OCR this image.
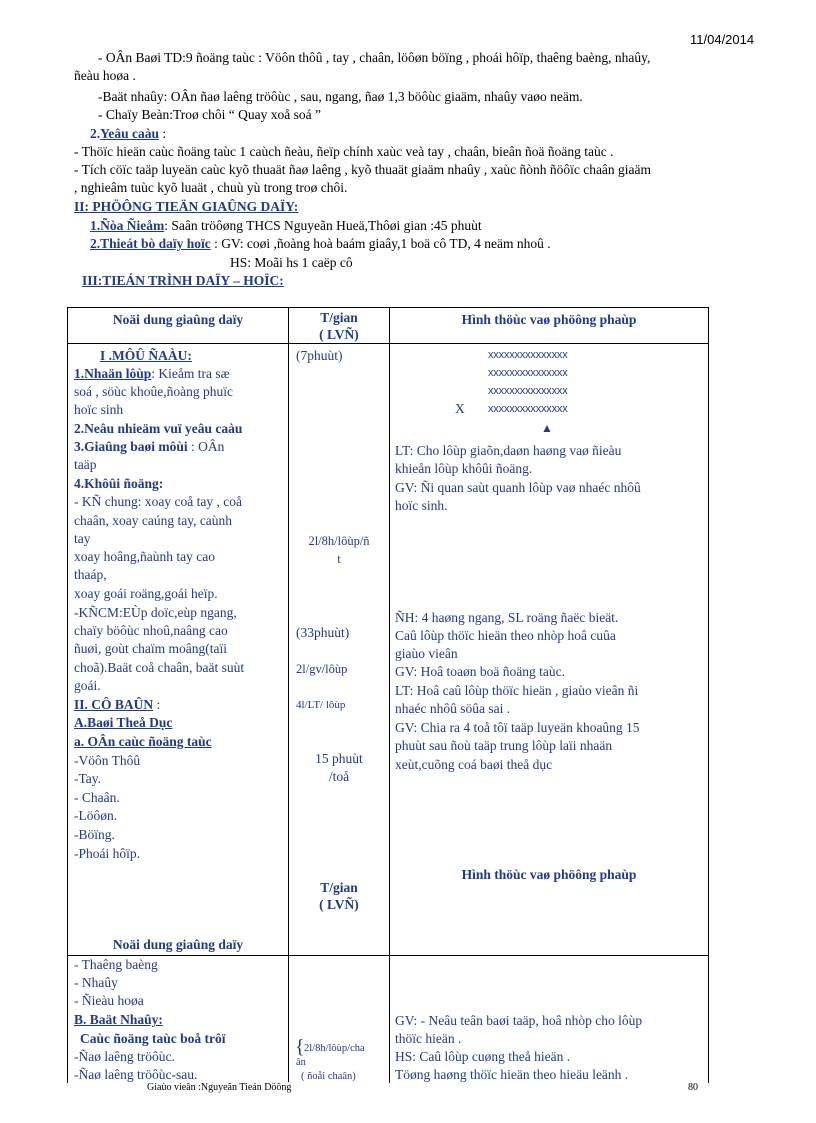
11/04/2014
- OÂn Baøi TD:9 ñoäng taùc : Vöôn thôû , tay , chaân, löôøn böïng , phoái hôïp, thaêng baèng, nhaûy,
ñeàu hoøa .
-Baät nhaûy: OÂn ñaø laêng tröôùc , sau, ngang, ñaø 1,3 böôùc giaäm, nhaûy vaøo neäm.
- Chaïy Beàn:Troø chôi “ Quay xoå soá ”
2.Yeâu caàu :
- Thöïc hieän caùc ñoäng taùc 1 caùch ñeàu, ñeïp chính xaùc veà tay , chaân, bieân ñoä ñoäng taùc .
- Tích cöïc taäp luyeän caùc kyõ thuaät ñaø laêng , kyõ thuaät giaäm nhaûy , xaùc ñònh ñöôïc chaân giaäm
, nghieâm tuùc kyõ luaät , chuù yù trong troø chôi.
II: PHÖÔNG TIEÄN GIAÛNG DAÏY:
1.Ñòa Ñieåm: Saân tröôøng THCS Nguyeãn Hueä,Thôøi gian :45 phuùt
2.Thieát bò daïy hoïc : GV: coøi ,ñoàng hoà baám giaây,1 boä cô TD, 4 neäm nhoû .
HS: Moãi hs 1 caëp cô
III:TIEÁN TRÌNH DAÏY – HOÏC:
Noäi dung giaûng daïy	T/gian
( LVÑ)
Hình thöùc vaø phöông phaùp
I .MÔÛ ÑAÀU:
1.Nhaän lôùp: Kieåm tra sæ
soá , söùc khoûe,ñoàng phuïc
hoïc sinh
2.Neâu nhieäm vuï yeâu caàu
3.Giaûng baøi môùi : OÂn
taäp
4.Khôûi ñoäng:
- KÑ chung: xoay coå tay , coå
chaân, xoay caúng tay, caùnh
tay
xoay hoâng,ñaùnh tay cao
thaáp,
xoay goái roäng,goái heïp.
-KÑCM:EÙp doïc,eùp ngang,
chaïy böôùc nhoû,naâng cao
ñuøi, goùt chaïm moâng(taïi
choã).Baät coå chaân, baät suùt
goái.
II. CÔ BAÛN :
A.Baøi Theå Dục
a. OÂn caùc ñoäng taùc
-Vöôn Thôû
-Tay.
- Chaân.
-Löôøn.
-Böïng.
-Phoái hôïp.
Noäi dung giaûng daïy
(7phuùt)
2l/8h/lôùp/ñ
t
(33phuùt)
2l/gv/lôùp
4l/LT/ lôùp
15 phuùt
/toå
T/gian
( LVÑ)
xxxxxxxxxxxxxxx
xxxxxxxxxxxxxxx
xxxxxxxxxxxxxxx
xxxxxxxxxxxxxxx
X
▲
LT: Cho lôùp giaõn,daøn haøng vaø ñieàu
khieån lôùp khôûi ñoäng.
GV: Ñi quan saùt quanh lôùp vaø nhaéc nhôû
hoïc sinh.
ÑH: 4 haøng ngang, SL roäng ñaëc bieät.
Caû lôùp thöïc hieän theo nhòp hoâ cuûa
giaùo vieân
GV: Hoâ toaøn boä ñoäng taùc.
LT: Hoâ caû lôùp thöïc hieän , giaùo vieân ñi
nhaéc nhôû söûa sai .
GV: Chia ra 4 toå tôï taäp luyeän khoaûng 15
phuùt sau ñoù taäp trung lôùp laïi nhaän
xeùt,cuõng coá baøi theå dục
Hình thöùc vaø phöông phaùp
- Thaêng baèng
- Nhaûy
- Ñieàu hoøa
B. Baät Nhaûy:
Caùc ñoäng taùc boå trôï
-Ñaø laêng tröôùc.
-Ñaø laêng tröôùc-sau.
{ 2l/8h/lôùp/cha
ân
( ñoåi chaân)
GV: - Neâu teân baøi taäp, hoâ nhòp cho lôùp
thöïc hieän .
HS: Caû lôùp cuøng theå hieän .
Töøng haøng thöïc hieän theo hieäu leänh .
Giaùo vieân :Nguyeãn Tieán Döõng	80
